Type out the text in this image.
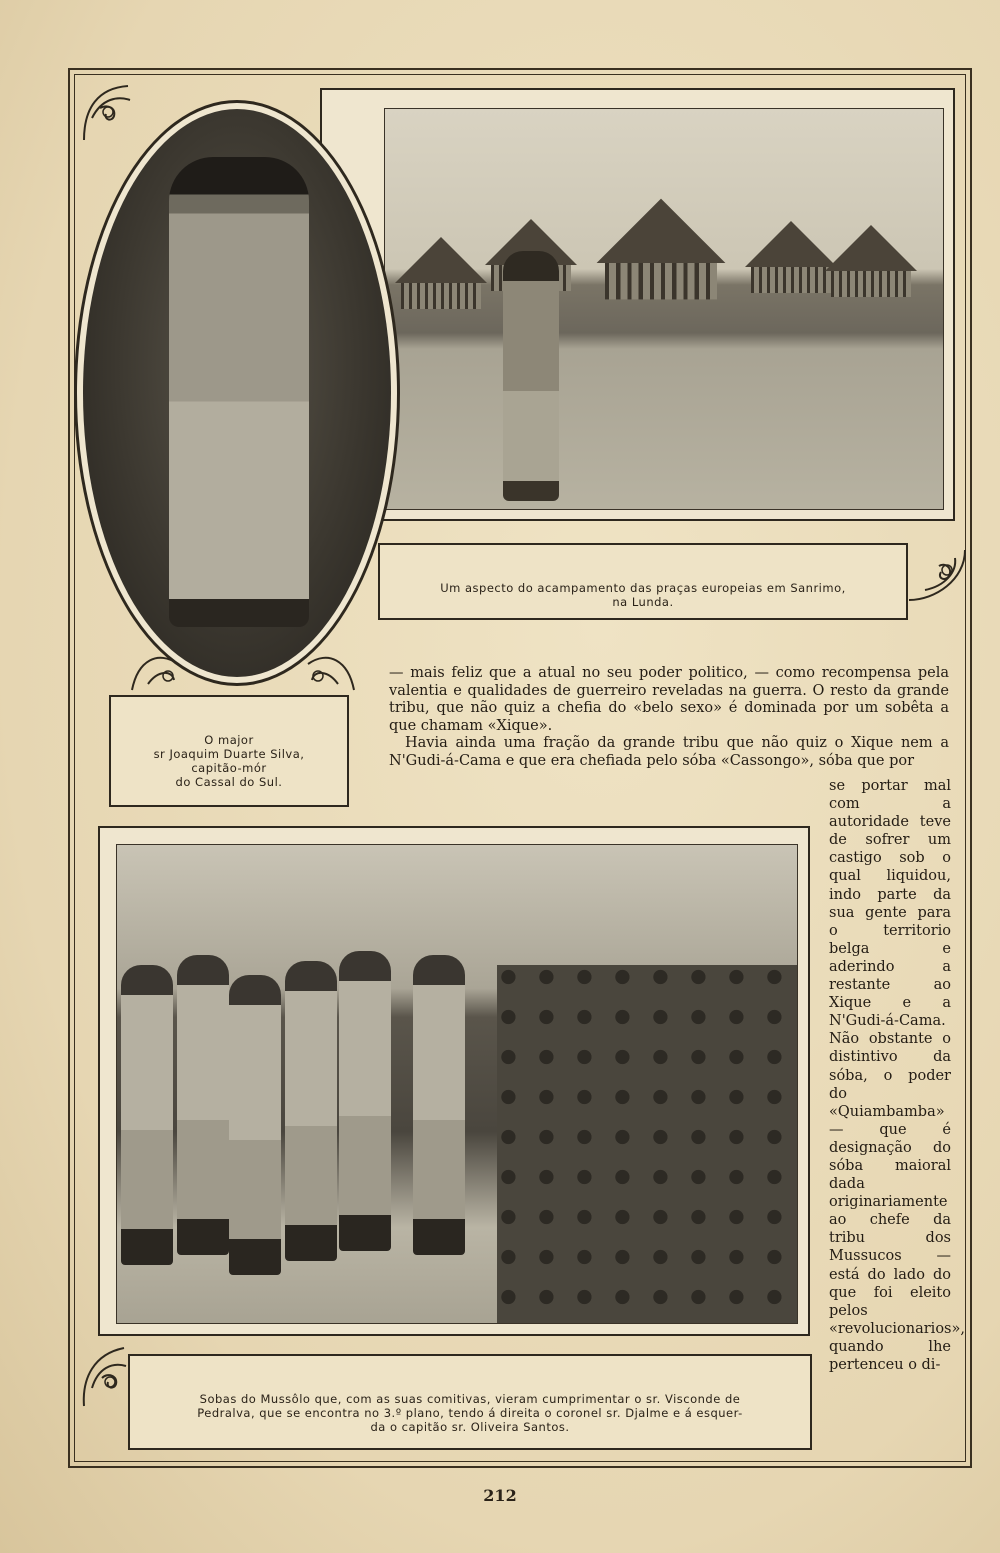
Um aspecto do acampamento das praças europeias em Sanrimo,
na Lunda.
O major
sr Joaquim Duarte Silva,
capitão-mór
do Cassal do Sul.

— mais feliz que a atual no seu poder politico, — como recompensa pela valentia e qualidades de guerreiro reveladas na guerra. O resto da grande tribu, que não quiz a chefia do «belo sexo» é dominada por um sobêta a que chamam «Xique».

Havia ainda uma fração da grande tribu que não quiz o Xique nem a N'Gudi-á-Cama e que era chefiada pelo sóba «Cassongo», sóba que por

Sobas do Mussôlo que, com as suas comitivas, vieram cumprimentar o sr. Visconde de
Pedralva, que se encontra no 3.º plano, tendo á direita o coronel sr. Djalme e á esquer-
da o capitão sr. Oliveira Santos.
se portar mal com a autoridade teve de sofrer um castigo sob o qual liquidou, indo parte da sua gente para o territorio belga e aderindo a restante ao Xique e a N'Gudi-á-Cama. Não obstante o distintivo da sóba, o poder do «Quiambamba» — que é designação do sóba maioral dada originariamente ao chefe da tribu dos Mussucos — está do lado do que foi eleito pelos «revolucionarios», quando lhe pertenceu o di-
212
